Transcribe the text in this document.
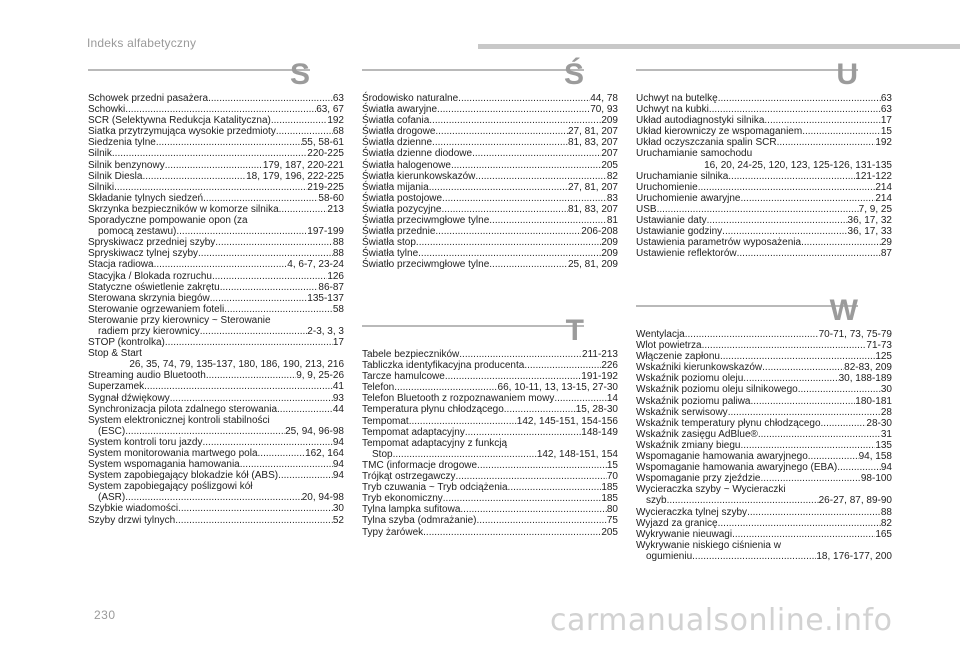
Indeks alfabetyczny
S
Schowek przedni pasażera .....	63
Schowki .....	63, 67
SCR (Selektywna Redukcja Katalityczna) .....	192
Siatka przytrzymująca wysokie przedmioty .....	68
Siedzenia tylne .....	55, 58-61
Silnik .....	220-225
Silnik benzynowy .....	179, 187, 220-221
Silnik Diesla .....	18, 179, 196, 222-225
Silniki .....	219-225
Składanie tylnych siedzeń .....	58-60
Skrzynka bezpieczników w komorze silnika .....	213
Sporadyczne pompowanie opon (za
pomocą zestawu) .....	197-199
Spryskiwacz przedniej szyby .....	88
Spryskiwacz tylnej szyby .....	88
Stacja radiowa .....	4, 6-7, 23-24
Stacyjka / Blokada rozruchu .....	126
Statyczne oświetlenie zakrętu .....	86-87
Sterowana skrzynia biegów .....	135-137
Sterowanie ogrzewaniem foteli .....	58
Sterowanie przy kierownicy ~ Sterowanie
radiem przy kierownicy .....	2-3, 3, 3
STOP (kontrolka) .....	17
Stop & Start
26, 35, 74, 79, 135-137, 180, 186, 190, 213, 216
Streaming audio Bluetooth .....	9, 9, 25-26
Superzamek .....	41
Sygnał dźwiękowy .....	93
Synchronizacja pilota zdalnego sterowania .....	44
System elektronicznej kontroli stabilności
(ESC) .....	25, 94, 96-98
System kontroli toru jazdy .....	94
System monitorowania martwego pola .....	162, 164
System wspomagania hamowania .....	94
System zapobiegający blokadzie kół (ABS) .....	94
System zapobiegający poślizgowi kół
(ASR) .....	20, 94-98
Szybkie wiadomości .....	30
Szyby drzwi tylnych .....	52
Ś
Środowisko naturalne .....	44, 78
Światła awaryjne .....	70, 93
Światła cofania .....	209
Światła drogowe .....	27, 81, 207
Światła dzienne .....	81, 83, 207
Światła dzienne diodowe .....	207
Światła halogenowe .....	205
Światła kierunkowskazów .....	82
Światła mijania .....	27, 81, 207
Światła postojowe .....	83
Światła pozycyjne .....	81, 83, 207
Światła przeciwmgłowe tylne .....	81
Światła przednie .....	206-208
Światła stop .....	209
Światła tylne .....	209
Światło przeciwmgłowe tylne .....	25, 81, 209
T
Tabele bezpieczników .....	211-213
Tabliczka identyfikacyjna producenta .....	226
Tarcze hamulcowe .....	191-192
Telefon .....	66, 10-11, 13, 13-15, 27-30
Telefon Bluetooth z rozpoznawaniem mowy .....	14
Temperatura płynu chłodzącego .....	15, 28-30
Tempomat .....	142, 145-151, 154-156
Tempomat adaptacyjny .....	148-149
Tempomat adaptacyjny z funkcją
Stop .....	142, 148-151, 154
TMC (informacje drogowe .....	15
Trójkąt ostrzegawczy .....	70
Tryb czuwania ~ Tryb odciążenia .....	185
Tryb ekonomiczny .....	185
Tylna lampka sufitowa .....	80
Tylna szyba (odmrażanie) .....	75
Typy żarówek .....	205
U
Uchwyt na butelkę .....	63
Uchwyt na kubki .....	63
Układ autodiagnostyki silnika .....	17
Układ kierowniczy ze wspomaganiem .....	15
Układ oczyszczania spalin SCR .....	192
Uruchamianie samochodu
16, 20, 24-25, 120, 123, 125-126, 131-135
Uruchamianie silnika .....	121-122
Uruchomienie .....	214
Uruchomienie awaryjne .....	214
USB .....	7, 9, 25
Ustawianie daty .....	36, 17, 32
Ustawianie godziny .....	36, 17, 33
Ustawienia parametrów wyposażenia .....	29
Ustawienie reflektorów .....	87
W
Wentylacja .....	70-71, 73, 75-79
Wlot powietrza .....	71-73
Włączenie zapłonu .....	125
Wskaźniki kierunkowskazów .....	82-83, 209
Wskaźnik poziomu oleju .....	30, 188-189
Wskaźnik poziomu oleju silnikowego .....	30
Wskaźnik poziomu paliwa .....	180-181
Wskaźnik serwisowy .....	28
Wskaźnik temperatury płynu chłodzącego .....	28-30
Wskaźnik zasięgu AdBlue® .....	31
Wskaźnik zmiany biegu .....	135
Wspomaganie hamowania awaryjnego .....	94, 158
Wspomaganie hamowania awaryjnego (EBA) .....	94
Wspomaganie przy zjeździe .....	98-100
Wycieraczka szyby ~ Wycieraczki
szyb .....	26-27, 87, 89-90
Wycieraczka tylnej szyby .....	88
Wyjazd za granicę .....	82
Wykrywanie nieuwagi .....	165
Wykrywanie niskiego ciśnienia w
ogumieniu .....	18, 176-177, 200
230	carmanualsonline.info
